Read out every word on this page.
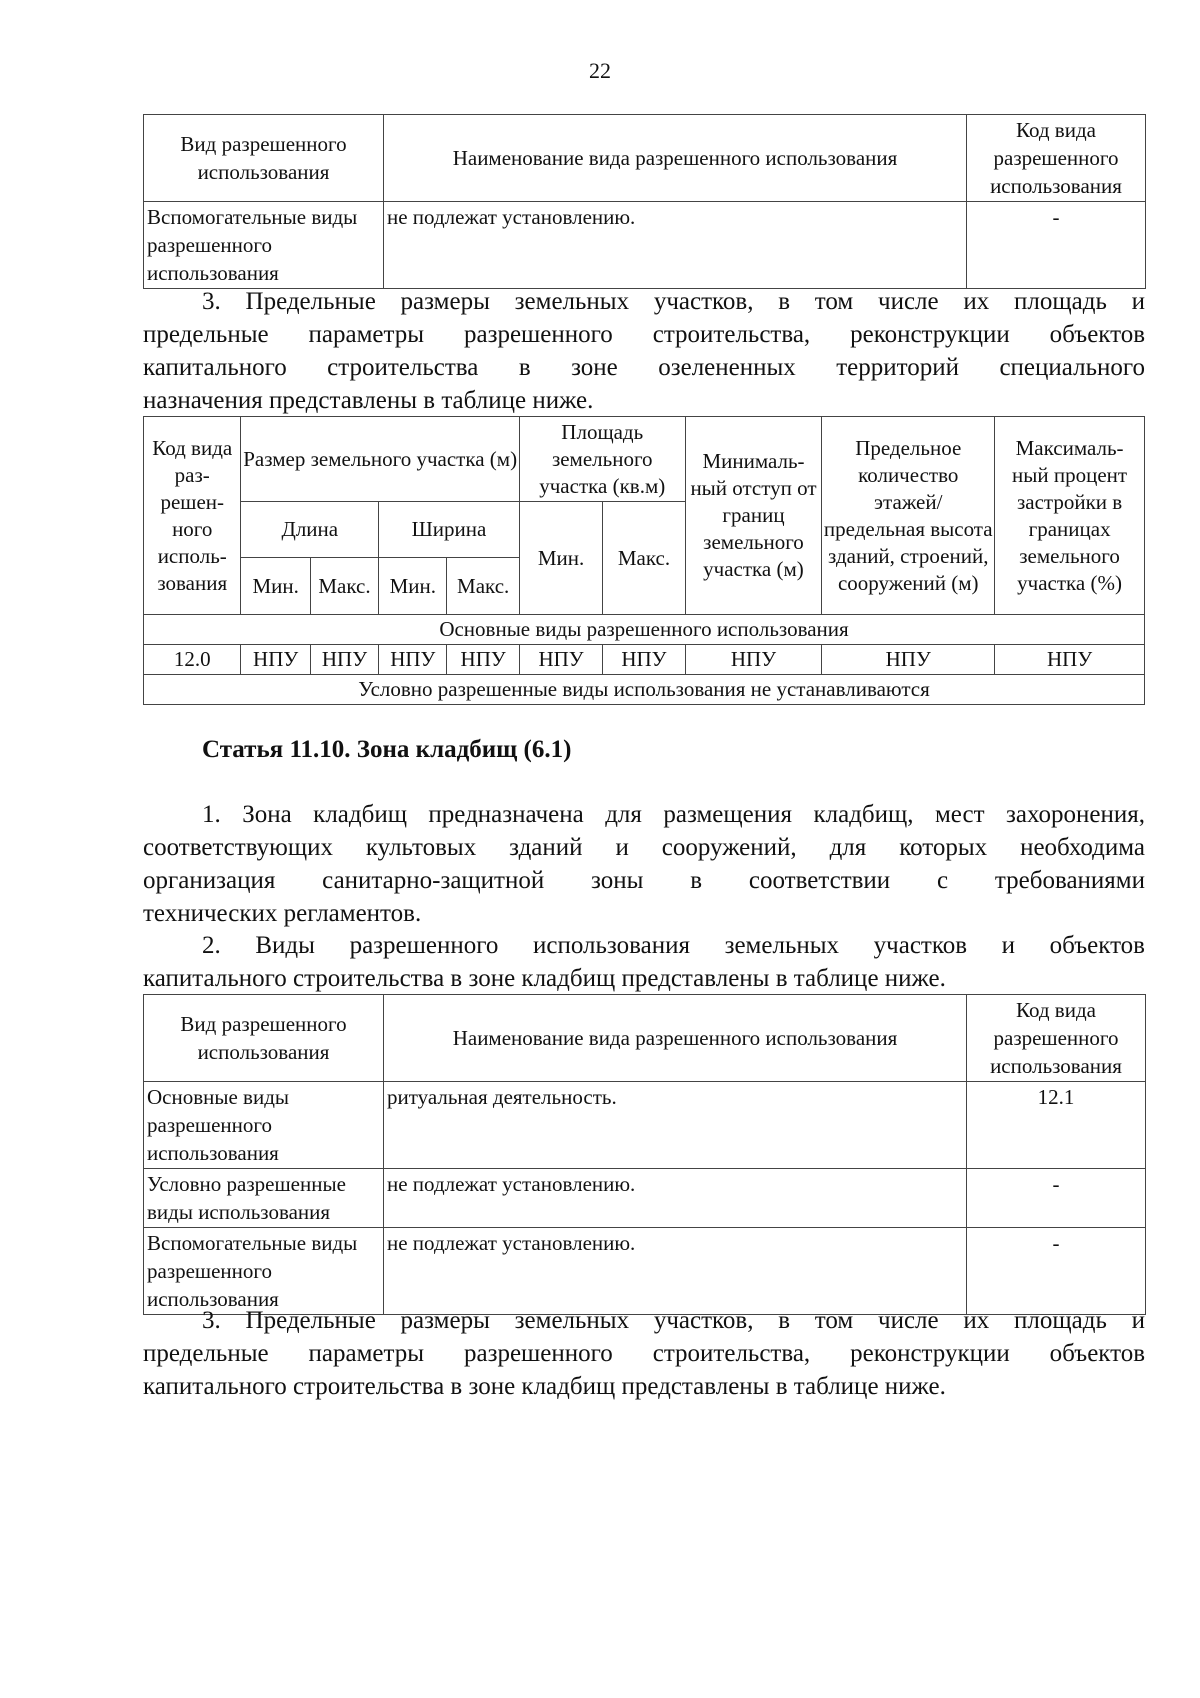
22
Вид разрешенного использования	Наименование вида разрешенного использования	Код вида разрешенного использования
Вспомогательные виды разрешенного использования	не подлежат установлению.	-
3. Предельные размеры земельных участков, в том числе их площадь и
предельные параметры разрешенного строительства, реконструкции объектов
капитального строительства в зоне озелененных территорий специального
назначения представлены в таблице ниже.
Код вида раз- решен- ного исполь- зования	Размер земельного участка (м)				Площадь земельного участка (кв.м)		Минималь- ный отступ от границ земельного участка (м)	Предельное количество этажей/ предельная высота зданий, строений, сооружений (м)	Максималь- ный процент застройки в границах земельного участка (%)
	Длина		Ширина		Мин.	Макс.			
	Мин.	Макс.	Мин.	Макс.					
Основные виды разрешенного использования									
12.0	НПУ	НПУ	НПУ	НПУ	НПУ	НПУ	НПУ	НПУ	НПУ
Условно разрешенные виды использования не устанавливаются									
Статья 11.10. Зона кладбищ (6.1)
1. Зона кладбищ предназначена для размещения кладбищ, мест захоронения,
соответствующих культовых зданий и сооружений, для которых необходима
организация санитарно-защитной зоны в соответствии с требованиями
технических регламентов.
2. Виды разрешенного использования земельных участков и объектов
капитального строительства в зоне кладбищ представлены в таблице ниже.
Вид разрешенного использования	Наименование вида разрешенного использования	Код вида разрешенного использования
Основные виды разрешенного использования	ритуальная деятельность.	12.1
Условно разрешенные виды использования	не подлежат установлению.	-
Вспомогательные виды разрешенного использования	не подлежат установлению.	-
3. Предельные размеры земельных участков, в том числе их площадь и
предельные параметры разрешенного строительства, реконструкции объектов
капитального строительства в зоне кладбищ представлены в таблице ниже.
